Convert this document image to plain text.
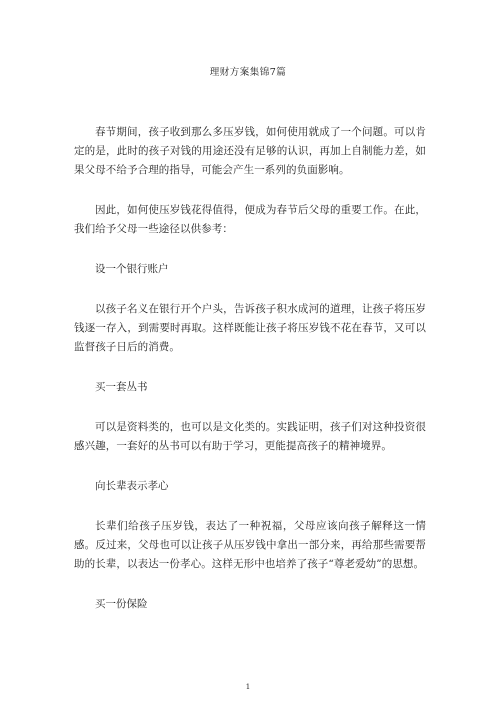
理财方案集锦7篇

春节期间，孩子收到那么多压岁钱，如何使用就成了一个问题。可以肯定的是，此时的孩子对钱的用途还没有足够的认识，再加上自制能力差，如果父母不给予合理的指导，可能会产生一系列的负面影响。

因此，如何使压岁钱花得值得，便成为春节后父母的重要工作。在此，我们给予父母一些途径以供参考：

设一个银行账户

以孩子名义在银行开个户头，告诉孩子积水成河的道理，让孩子将压岁钱逐一存入，到需要时再取。这样既能让孩子将压岁钱不花在春节，又可以监督孩子日后的消费。

买一套丛书

可以是资料类的，也可以是文化类的。实践证明，孩子们对这种投资很感兴趣，一套好的丛书可以有助于学习，更能提高孩子的精神境界。

向长辈表示孝心

长辈们给孩子压岁钱，表达了一种祝福，父母应该向孩子解释这一情感。反过来，父母也可以让孩子从压岁钱中拿出一部分来，再给那些需要帮助的长辈，以表达一份孝心。这样无形中也培养了孩子“尊老爱幼”的思想。

买一份保险

1
